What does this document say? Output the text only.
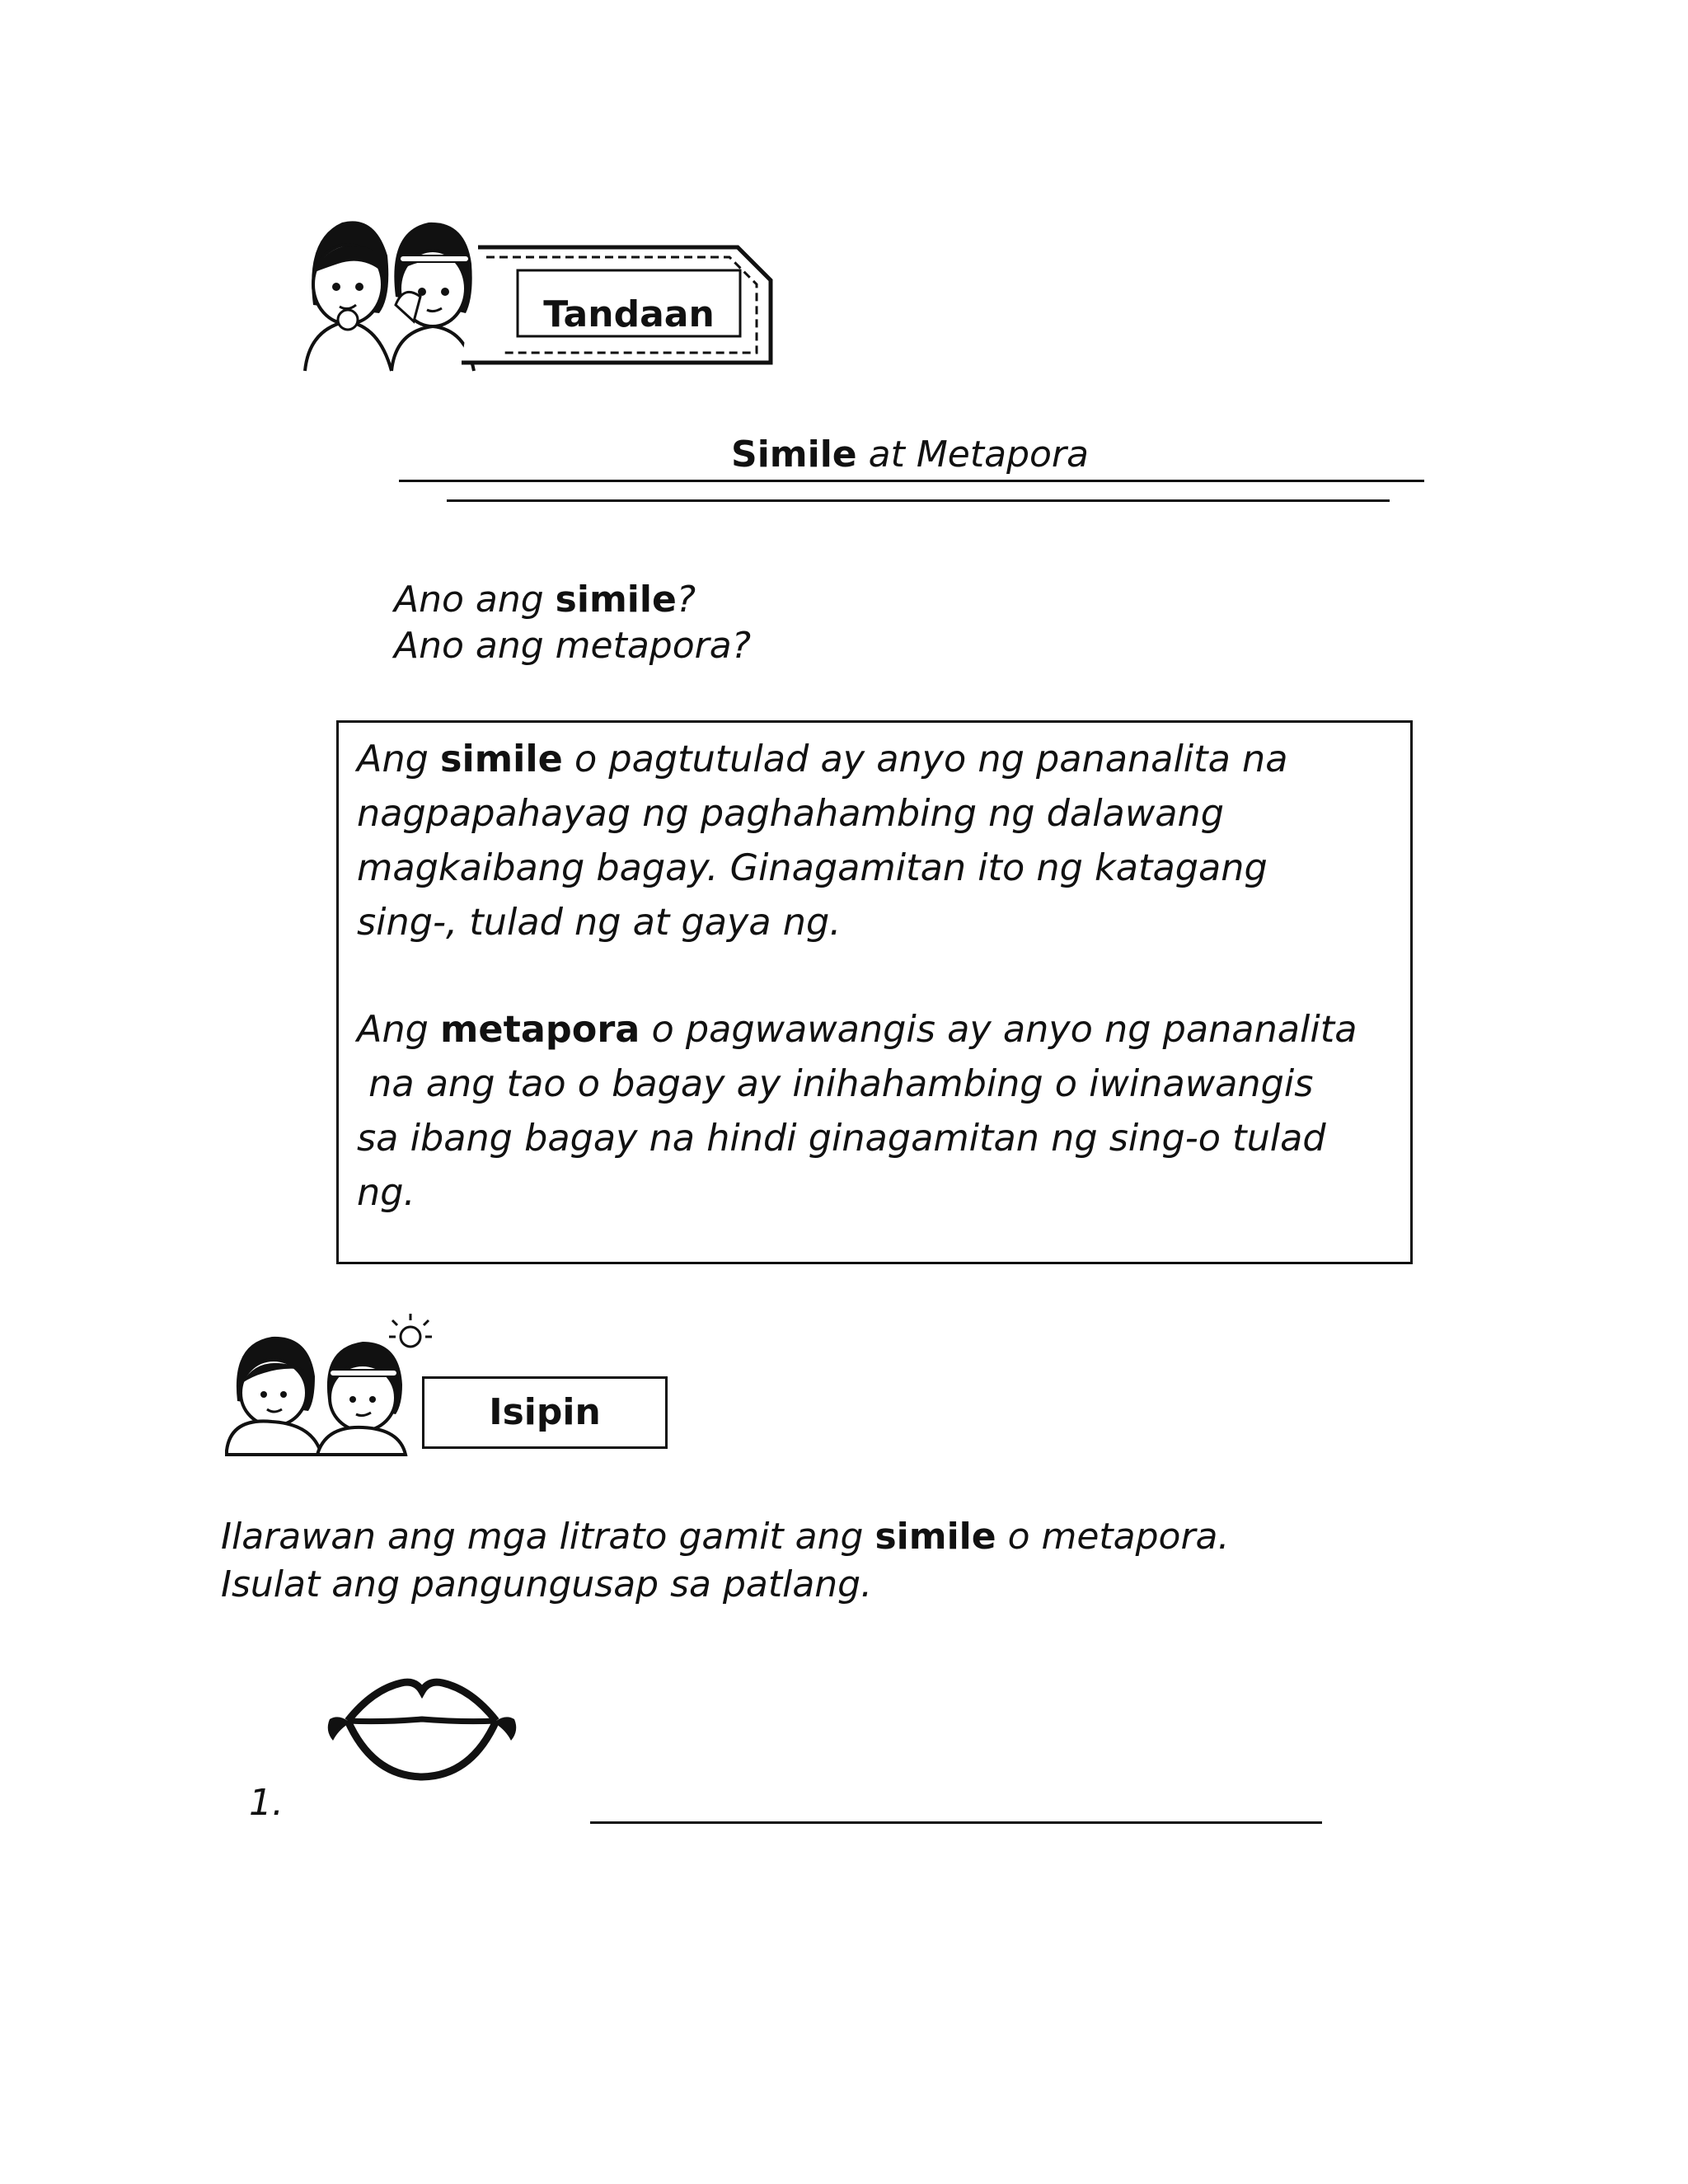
Tandaan
Simile at Metapora
Ano ang simile?
Ano ang metapora?
Ang simile o pagtutulad ay anyo ng pananalita na
nagpapahayag ng paghahambing ng dalawang
magkaibang bagay. Ginagamitan ito ng katagang
sing-, tulad ng at gaya ng.
Ang metapora o pagwawangis ay anyo ng pananalita
na ang tao o bagay ay inihahambing o iwinawangis
sa ibang bagay na hindi ginagamitan ng sing-o tulad
ng.
Isipin
Ilarawan ang mga litrato gamit ang simile o metapora.
Isulat ang pangungusap sa patlang.
1.
